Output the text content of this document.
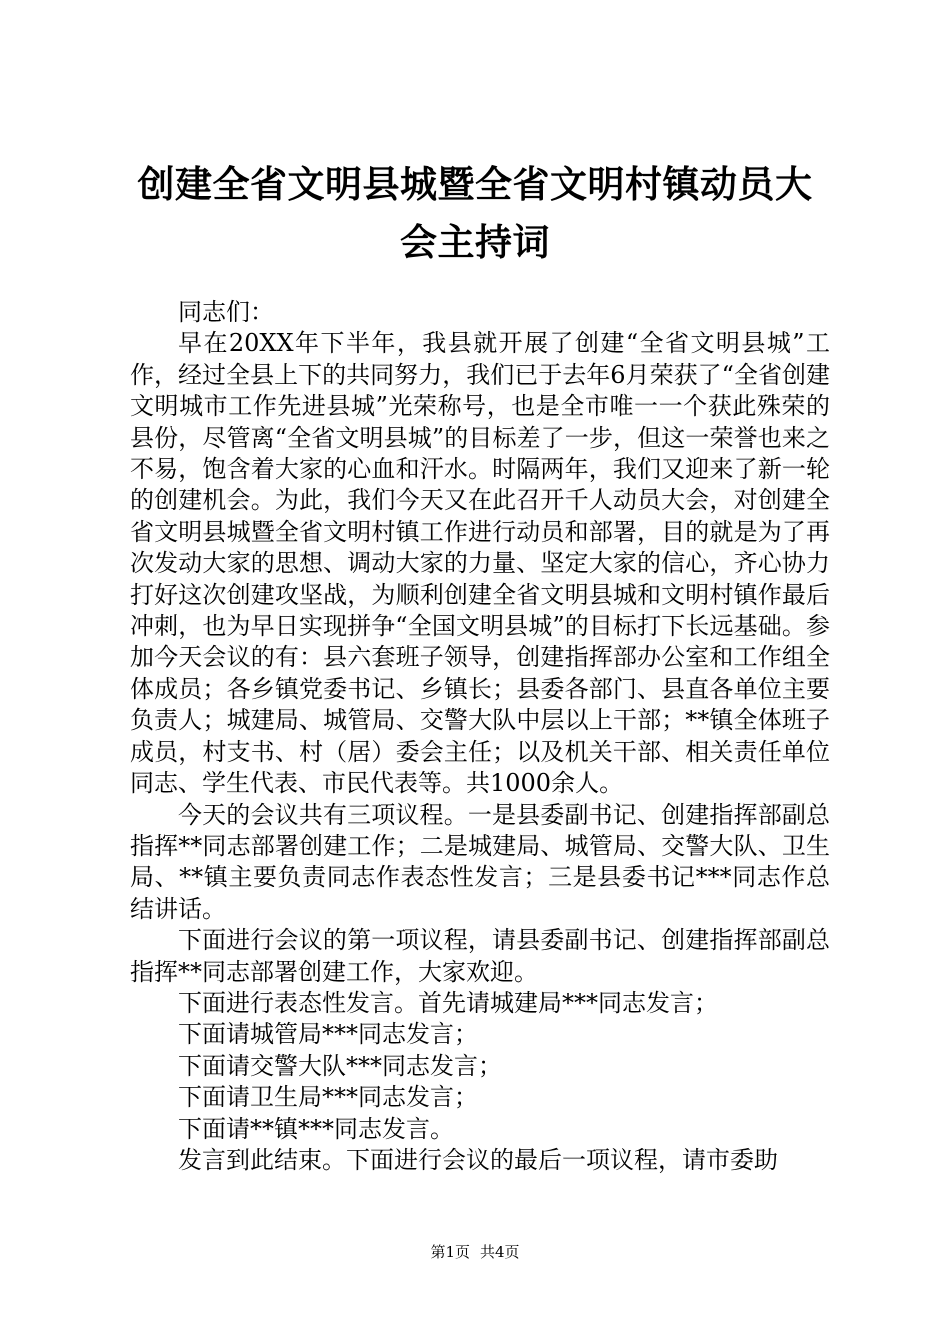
创建全省文明县城暨全省文明村镇动员大会主持词

同志们：

早在20XX年下半年，我县就开展了创建“全省文明县城”工作，经过全县上下的共同努力，我们已于去年6月荣获了“全省创建文明城市工作先进县城”光荣称号，也是全市唯一一个获此殊荣的县份，尽管离“全省文明县城”的目标差了一步，但这一荣誉也来之不易，饱含着大家的心血和汗水。时隔两年，我们又迎来了新一轮的创建机会。为此，我们今天又在此召开千人动员大会，对创建全省文明县城暨全省文明村镇工作进行动员和部署，目的就是为了再次发动大家的思想、调动大家的力量、坚定大家的信心，齐心协力打好这次创建攻坚战，为顺利创建全省文明县城和文明村镇作最后冲刺，也为早日实现拼争“全国文明县城”的目标打下长远基础。参加今天会议的有：县六套班子领导，创建指挥部办公室和工作组全体成员；各乡镇党委书记、乡镇长；县委各部门、县直各单位主要负责人；城建局、城管局、交警大队中层以上干部；**镇全体班子成员，村支书、村（居）委会主任；以及机关干部、相关责任单位同志、学生代表、市民代表等。共1000余人。

今天的会议共有三项议程。一是县委副书记、创建指挥部副总指挥**同志部署创建工作；二是城建局、城管局、交警大队、卫生局、**镇主要负责同志作表态性发言；三是县委书记***同志作总结讲话。

下面进行会议的第一项议程，请县委副书记、创建指挥部副总指挥**同志部署创建工作，大家欢迎。

下面进行表态性发言。首先请城建局***同志发言；

下面请城管局***同志发言；

下面请交警大队***同志发言；

下面请卫生局***同志发言；

下面请**镇***同志发言。

发言到此结束。下面进行会议的最后一项议程，请市委助

第1页 共4页
